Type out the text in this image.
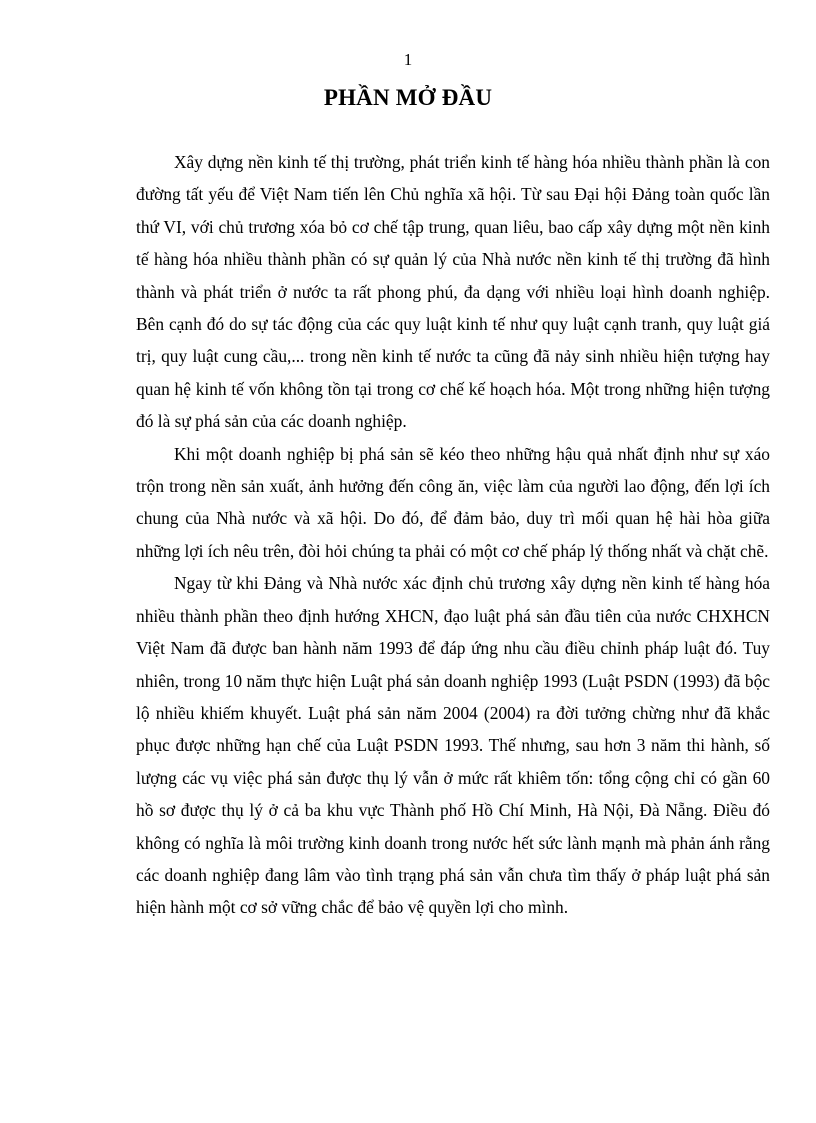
1
PHẦN MỞ ĐẦU

Xây dựng nền kinh tế thị trường, phát triển kinh tế hàng hóa nhiều thành phần là con đường tất yếu để Việt Nam tiến lên Chủ nghĩa xã hội. Từ sau Đại hội Đảng toàn quốc lần thứ VI, với chủ trương xóa bỏ cơ chế tập trung, quan liêu, bao cấp xây dựng một nền kinh tế hàng hóa nhiều thành phần có sự quản lý của Nhà nước nền kinh tế thị trường đã hình thành và phát triển ở nước ta rất phong phú, đa dạng với nhiều loại hình doanh nghiệp. Bên cạnh đó do sự tác động của các quy luật kinh tế như quy luật cạnh tranh, quy luật giá trị, quy luật cung cầu,... trong nền kinh tế nước ta cũng đã nảy sinh nhiều hiện tượng hay quan hệ kinh tế vốn không tồn tại trong cơ chế kế hoạch hóa. Một trong những hiện tượng đó là sự phá sản của các doanh nghiệp.

Khi một doanh nghiệp bị phá sản sẽ kéo theo những hậu quả nhất định như sự xáo trộn trong nền sản xuất, ảnh hưởng đến công ăn, việc làm của người lao động, đến lợi ích chung của Nhà nước và xã hội. Do đó, để đảm bảo, duy trì mối quan hệ hài hòa giữa những lợi ích nêu trên, đòi hỏi chúng ta phải có một cơ chế pháp lý thống nhất và chặt chẽ.

Ngay từ khi Đảng và Nhà nước xác định chủ trương xây dựng nền kinh tế hàng hóa nhiều thành phần theo định hướng XHCN, đạo luật phá sản đầu tiên của nước CHXHCN Việt Nam đã được ban hành năm 1993 để đáp ứng nhu cầu điều chỉnh pháp luật đó. Tuy nhiên, trong 10 năm thực hiện Luật phá sản doanh nghiệp 1993 (Luật PSDN (1993) đã bộc lộ nhiều khiếm khuyết. Luật phá sản năm 2004 (2004) ra đời tưởng chừng như đã khắc phục được những hạn chế của Luật PSDN 1993. Thế nhưng, sau hơn 3 năm thi hành, số lượng các vụ việc phá sản được thụ lý vẫn ở mức rất khiêm tốn: tổng cộng chỉ có gần 60 hồ sơ được thụ lý ở cả ba khu vực Thành phố Hồ Chí Minh, Hà Nội, Đà Nẵng. Điều đó không có nghĩa là môi trường kinh doanh trong nước hết sức lành mạnh mà phản ánh rằng các doanh nghiệp đang lâm vào tình trạng phá sản vẫn chưa tìm thấy ở pháp luật phá sản hiện hành một cơ sở vững chắc để bảo vệ quyền lợi cho mình.
